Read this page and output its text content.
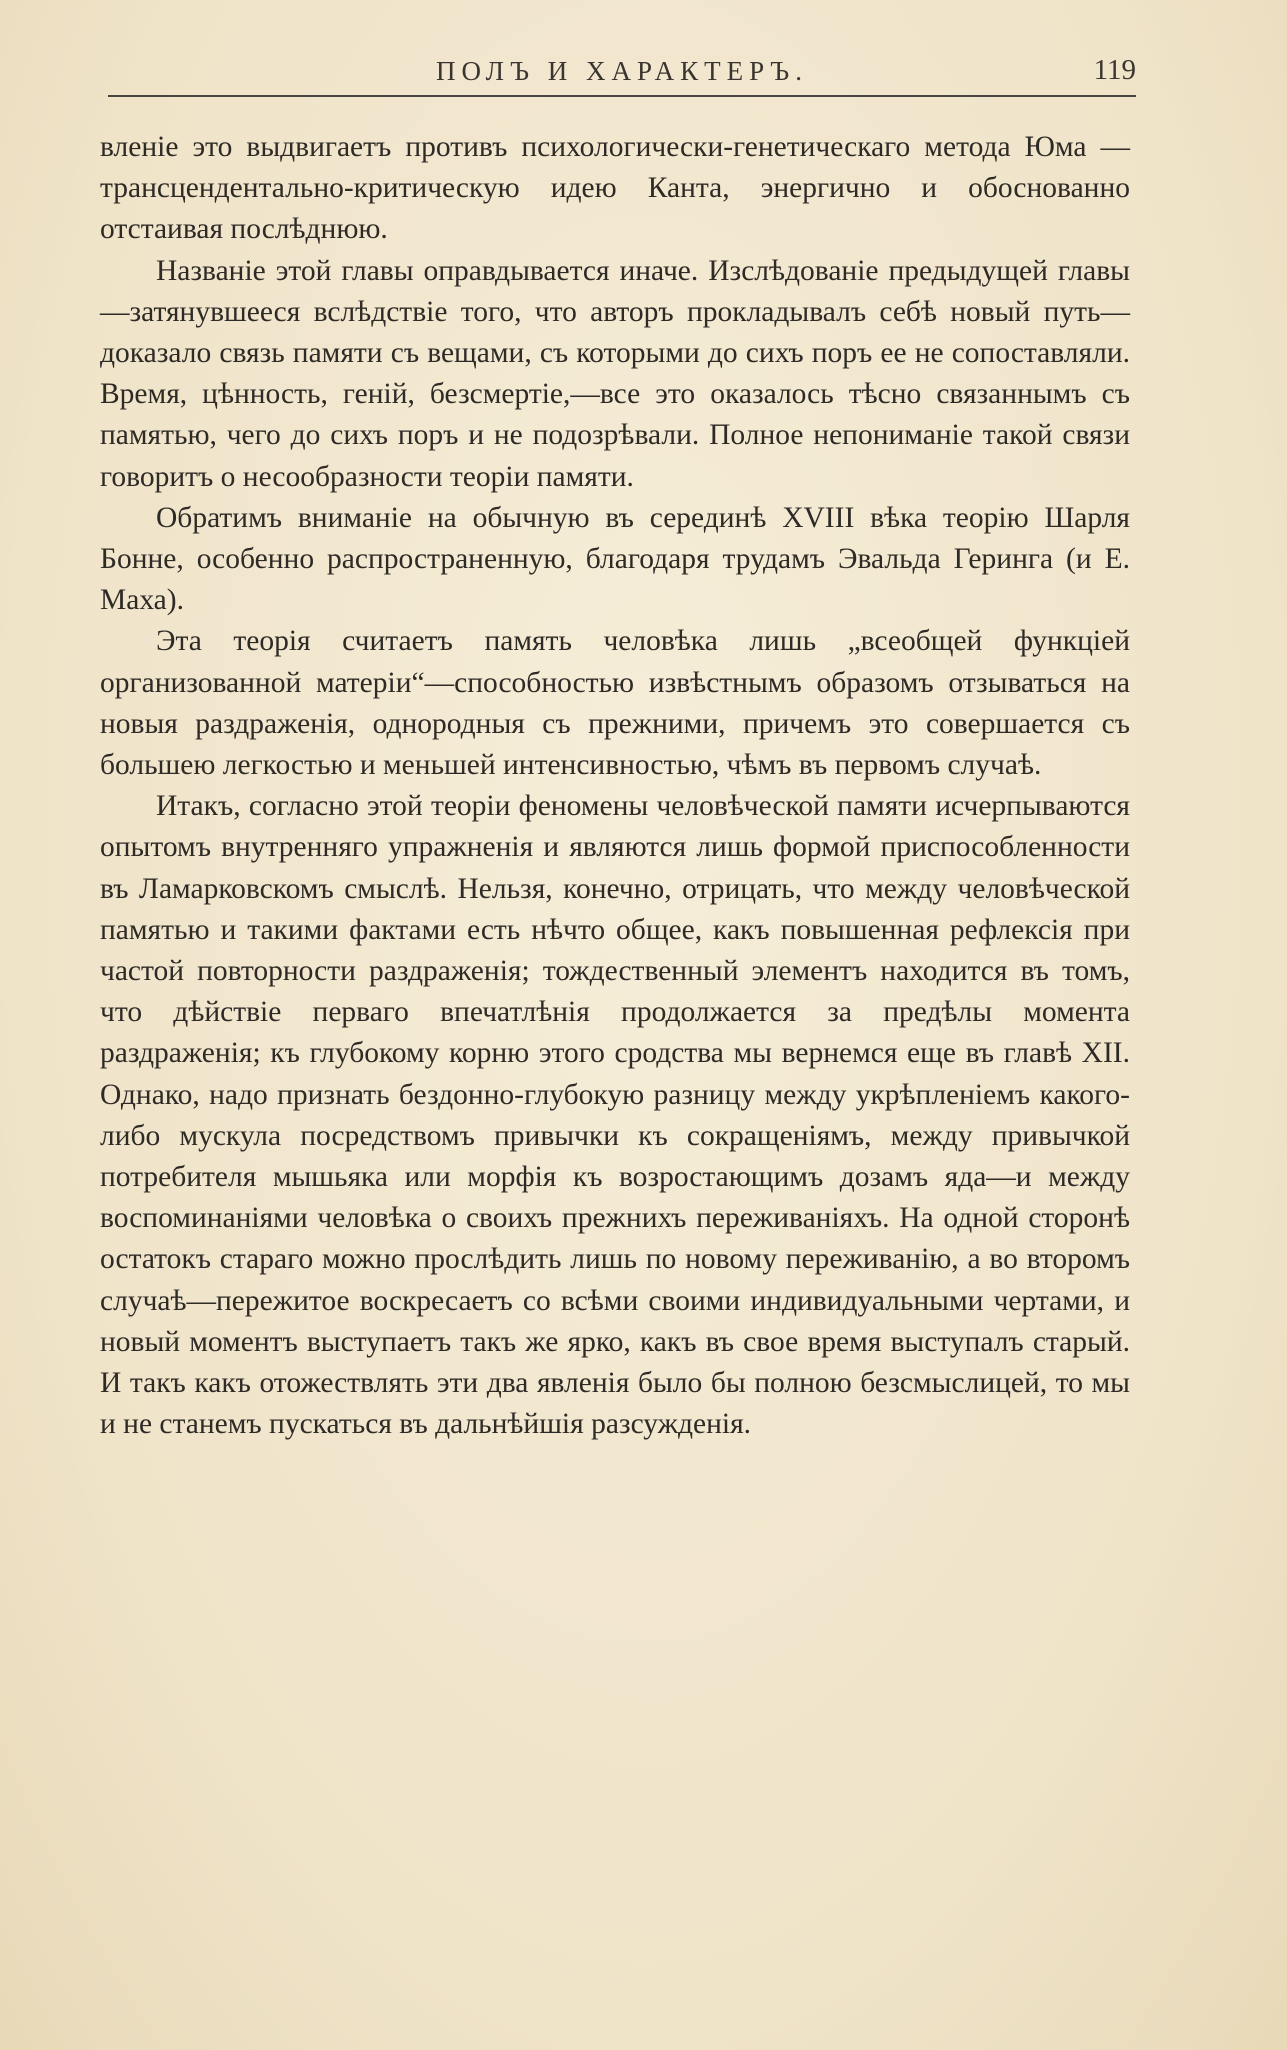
ПОЛЪ И ХАРАКТЕРЪ.	119

вленіе это выдвигаетъ противъ психологически-генетическаго метода Юма — трансцендентально-критическую идею Канта, энергично и обоснованно отстаивая послѣднюю.

Названіе этой главы оправдывается иначе. Изслѣдованіе предыдущей главы—затянувшееся вслѣдствіе того, что авторъ прокладывалъ себѣ новый путь—доказало связь памяти съ вещами, съ которыми до сихъ поръ ее не сопоставляли. Время, цѣнность, геній, безсмертіе,—все это оказалось тѣсно связаннымъ съ памятью, чего до сихъ поръ и не подозрѣвали. Полное непониманіе такой связи говоритъ о несообразности теоріи памяти.

Обратимъ вниманіе на обычную въ серединѣ XVIII вѣка теорію Шарля Бонне, особенно распространенную, благодаря трудамъ Эвальда Геринга (и Е. Маха).

Эта теорія считаетъ память человѣка лишь „всеобщей функціей организованной матеріи“—способностью извѣстнымъ образомъ отзываться на новыя раздраженія, однородныя съ прежними, причемъ это совершается съ большею легкостью и меньшей интенсивностью, чѣмъ въ первомъ случаѣ.

Итакъ, согласно этой теоріи феномены человѣческой памяти исчерпываются опытомъ внутренняго упражненія и являются лишь формой приспособленности въ Ламарковскомъ смыслѣ. Нельзя, конечно, отрицать, что между человѣческой памятью и такими фактами есть нѣчто общее, какъ повышенная рефлексія при частой повторности раздраженія; тождественный элементъ находится въ томъ, что дѣйствіе перваго впечатлѣнія продолжается за предѣлы момента раздраженія; къ глубокому корню этого сродства мы вернемся еще въ главѣ XII. Однако, надо признать бездонно-глубокую разницу между укрѣпленіемъ какого-либо мускула посредствомъ привычки къ сокращеніямъ, между привычкой потребителя мышьяка или морфія къ возростающимъ дозамъ яда—и между воспоминаніями человѣка о своихъ прежнихъ переживаніяхъ. На одной сторонѣ остатокъ стараго можно прослѣдить лишь по новому переживанію, а во второмъ случаѣ—пережитое воскресаетъ со всѣми своими индивидуальными чертами, и новый моментъ выступаетъ такъ же ярко, какъ въ свое время выступалъ старый. И такъ какъ отожествлять эти два явленія было бы полною безсмыслицей, то мы и не станемъ пускаться въ дальнѣйшія разсужденія.
